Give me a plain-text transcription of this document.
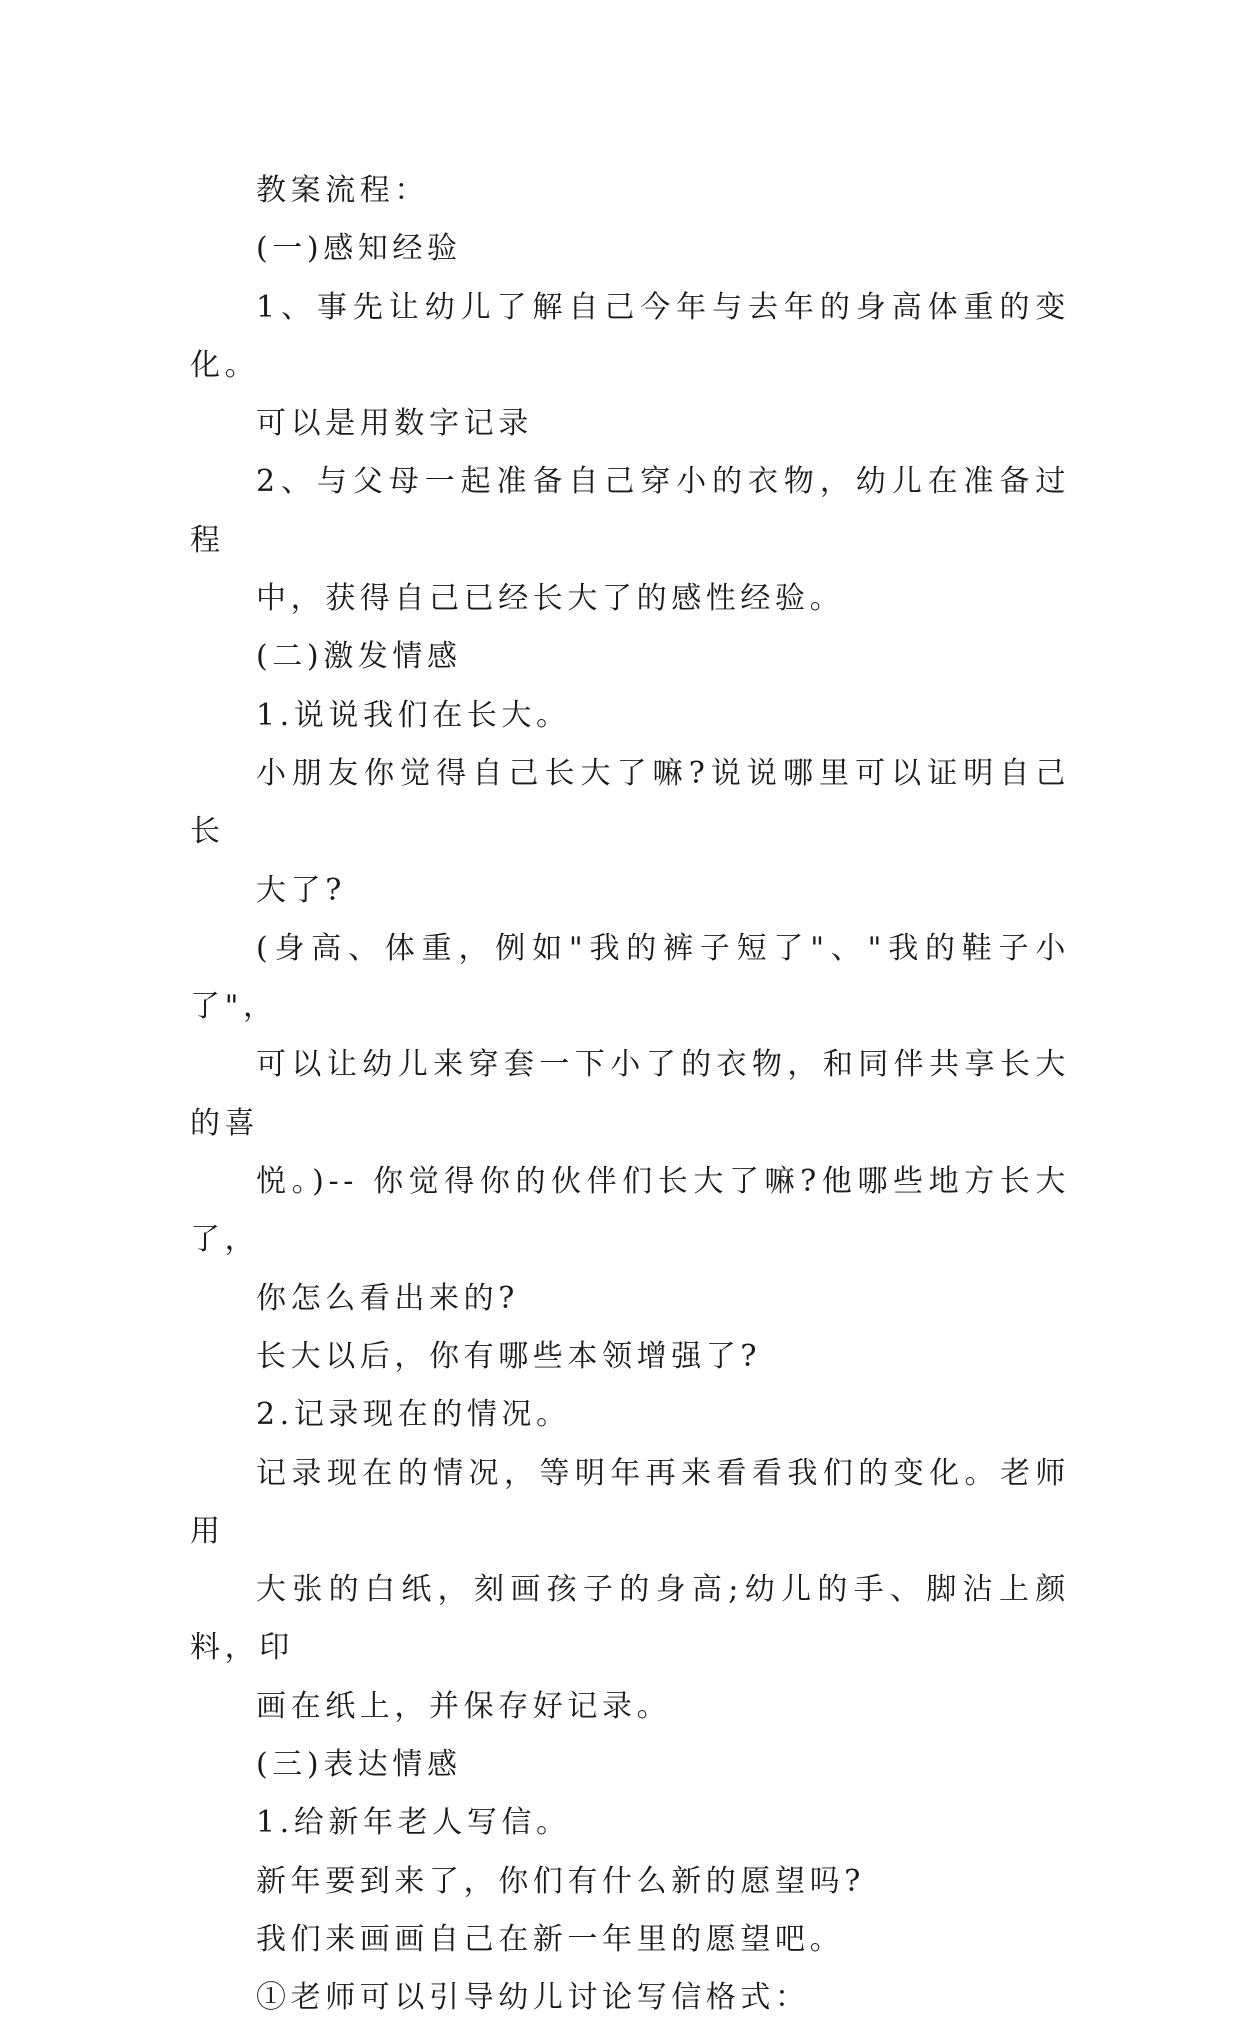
教案流程：

(一)感知经验

1、事先让幼儿了解自己今年与去年的身高体重的变化。
可以是用数字记录

2、与父母一起准备自己穿小的衣物，幼儿在准备过程
中，获得自己已经长大了的感性经验。

(二)激发情感

1.说说我们在长大。

小朋友你觉得自己长大了嘛?说说哪里可以证明自己长
大了?

(身高、体重，例如"我的裤子短了"、"我的鞋子小了"，
可以让幼儿来穿套一下小了的衣物，和同伴共享长大的喜
悦。)-- 你觉得你的伙伴们长大了嘛?他哪些地方长大了，
你怎么看出来的?

长大以后，你有哪些本领增强了?

2.记录现在的情况。

记录现在的情况，等明年再来看看我们的变化。老师用
大张的白纸，刻画孩子的身高;幼儿的手、脚沾上颜料，印
画在纸上，并保存好记录。

(三)表达情感

1.给新年老人写信。

新年要到来了，你们有什么新的愿望吗?

我们来画画自己在新一年里的愿望吧。

①老师可以引导幼儿讨论写信格式：
